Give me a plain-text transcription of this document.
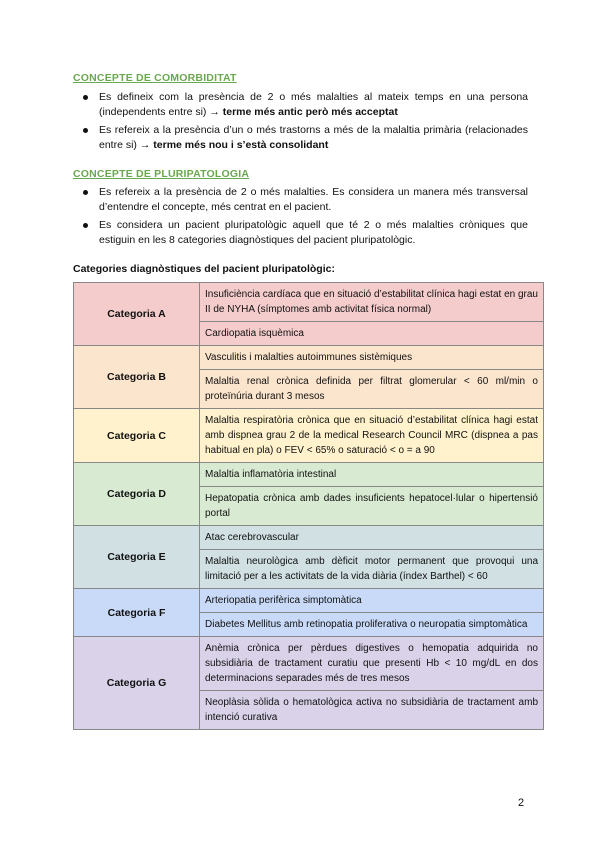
CONCEPTE DE COMORBIDITAT
Es defineix com la presència de 2 o més malalties al mateix temps en una persona (independents entre si) → terme més antic però més acceptat
Es refereix a la presència d’un o més trastorns a més de la malaltia primària (relacionades entre si) → terme més nou i s’està consolidant
CONCEPTE DE PLURIPATOLOGIA
Es refereix a la presència de 2 o més malalties. Es considera un manera més transversal d’entendre el concepte, més centrat en el pacient.
Es considera un pacient pluripatològic aquell que té 2 o més malalties cròniques que estiguin en les 8 categories diagnòstiques del pacient pluripatològic.
Categories diagnòstiques del pacient pluripatològic:
Categoria A	Insuficiència cardíaca que en situació d’estabilitat clínica hagi estat en grau II de NYHA (símptomes amb activitat física normal)
	Cardiopatia isquèmica
Categoria B	Vasculitis i malalties autoimmunes sistèmiques
	Malaltia renal crònica definida per filtrat glomerular < 60 ml/min o proteïnúria durant 3 mesos
Categoria C	Malaltia respiratòria crònica que en situació d’estabilitat clínica hagi estat amb dispnea grau 2 de la medical Research Council MRC (dispnea a pas habitual en pla) o FEV < 65% o saturació < o = a 90
Categoria D	Malaltia inflamatòria intestinal
	Hepatopatia crònica amb dades insuficients hepatocel·lular o hipertensió portal
Categoria E	Atac cerebrovascular
	Malaltia neurològica amb dèficit motor permanent que provoqui una limitació per a les activitats de la vida diària (índex Barthel) < 60
Categoria F	Arteriopatia perifèrica simptomàtica
	Diabetes Mellitus amb retinopatia proliferativa o neuropatia simptomàtica
Categoria G	Anèmia crònica per pèrdues digestives o hemopatia adquirida no subsidiària de tractament curatiu que presenti Hb < 10 mg/dL en dos determinacions separades més de tres mesos
	Neoplàsia sòlida o hematològica activa no subsidiària de tractament amb intenció curativa
2
